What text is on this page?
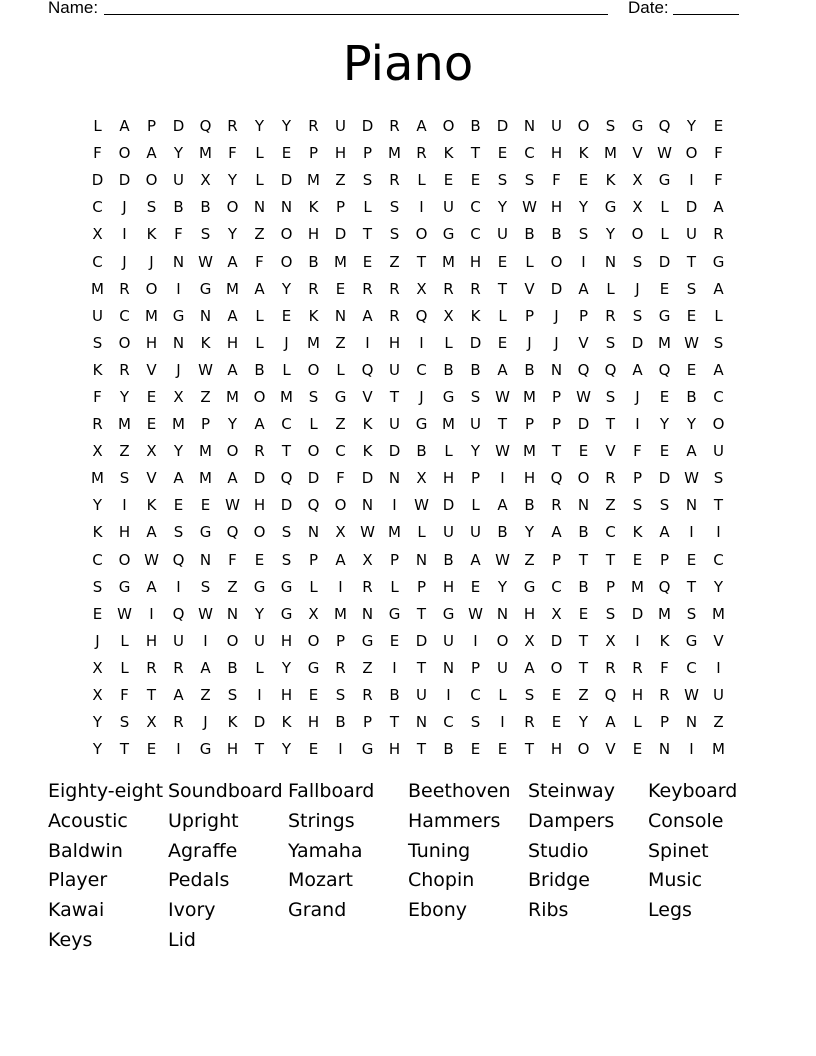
Name:	Date:
Piano
L	A	P	D	Q	R	Y	Y	R	U	D	R	A	O	B	D	N	U	O	S	G	Q	Y	E
F	O	A	Y	M	F	L	E	P	H	P	M	R	K	T	E	C	H	K	M	V W O	F
D	D	O	U	X	Y	L	D M	Z	S	R	L	E	E	S	S	F	E	K	X	G	I	F
C	J	S	B	B	O	N	N	K	P	L	S	I	U	C	Y	W H	Y	G	X	L	D	A
X	I	K	F	S	Y	Z	O	H	D	T	S	O	G	C	U	B	B	S	Y	O	L	U	R
C	J	J	N W A	F	O	B	M	E	Z	T	M H	E	L	O	I	N	S	D	T	G
M	R	O	I	G M	A	Y	R	E	R	R	X	R	R	T	V	D	A	L	J	E	S	A
U	C	M G	N	A	L	E	K	N	A	R	Q	X	K	L	P	J	P	R	S	G	E	L
S	O	H	N	K	H	L	J	M	Z	I	H	I	L	D	E	J	J	V	S	D M W S
K	R	V	J	W A	B	L	O	L	Q	U	C	B	B	A	B	N	Q	Q	A	Q	E	A
F	Y	E	X	Z	M O M	S	G	V	T	J	G	S W M	P	W S	J	E	B	C
R	M	E	M	P	Y	A	C	L	Z	K	U	G M	U	T	P	P	D	T	I	Y	Y	O
X	Z	X	Y	M O	R	T	O	C	K	D	B	L	Y	W M	T	E	V	F	E	A	U
M	S	V	A	M	A	D	Q	D	F	D	N	X	H	P	I	H	Q	O	R	P	D W S
Y	I	K	E	E W H	D	Q	O	N	I	W D	L	A	B	R	N	Z	S	S	N	T
K	H	A	S	G	Q	O	S	N	X W M	L	U	U	B	Y	A	B	C	K	A	I	I
C	O W Q	N	F	E	S	P	A	X	P	N	B	A W Z	P	T	T	E	P	E	C
S	G	A	I	S	Z	G	G	L	I	R	L	P	H	E	Y	G	C	B	P	M Q	T	Y
E W	I	Q W N	Y	G	X	M N	G	T	G W N	H	X	E	S	D M	S	M
J	L	H	U	I	O	U	H	O	P	G	E	D	U	I	O	X	D	T	X	I	K	G	V
X	L	R	R	A	B	L	Y	G	R	Z	I	T	N	P	U	A	O	T	R	R	F	C	I
X	F	T	A	Z	S	I	H	E	S	R	B	U	I	C	L	S	E	Z	Q	H	R W U
Y	S	X	R	J	K	D	K	H	B	P	T	N	C	S	I	R	E	Y	A	L	P	N	Z
Y	T	E	I	G	H	T	Y	E	I	G	H	T	B	E	E	T	H	O	V	E	N	I	M
Eighty-eight Soundboard Fallboard	Beethoven Steinway	Keyboard
Acoustic	Upright	Strings	Hammers	Dampers	Console
Baldwin	Agraffe	Yamaha	Tuning	Studio	Spinet
Player	Pedals	Mozart	Chopin	Bridge	Music
Kawai	Ivory	Grand	Ebony	Ribs	Legs
Keys	Lid
